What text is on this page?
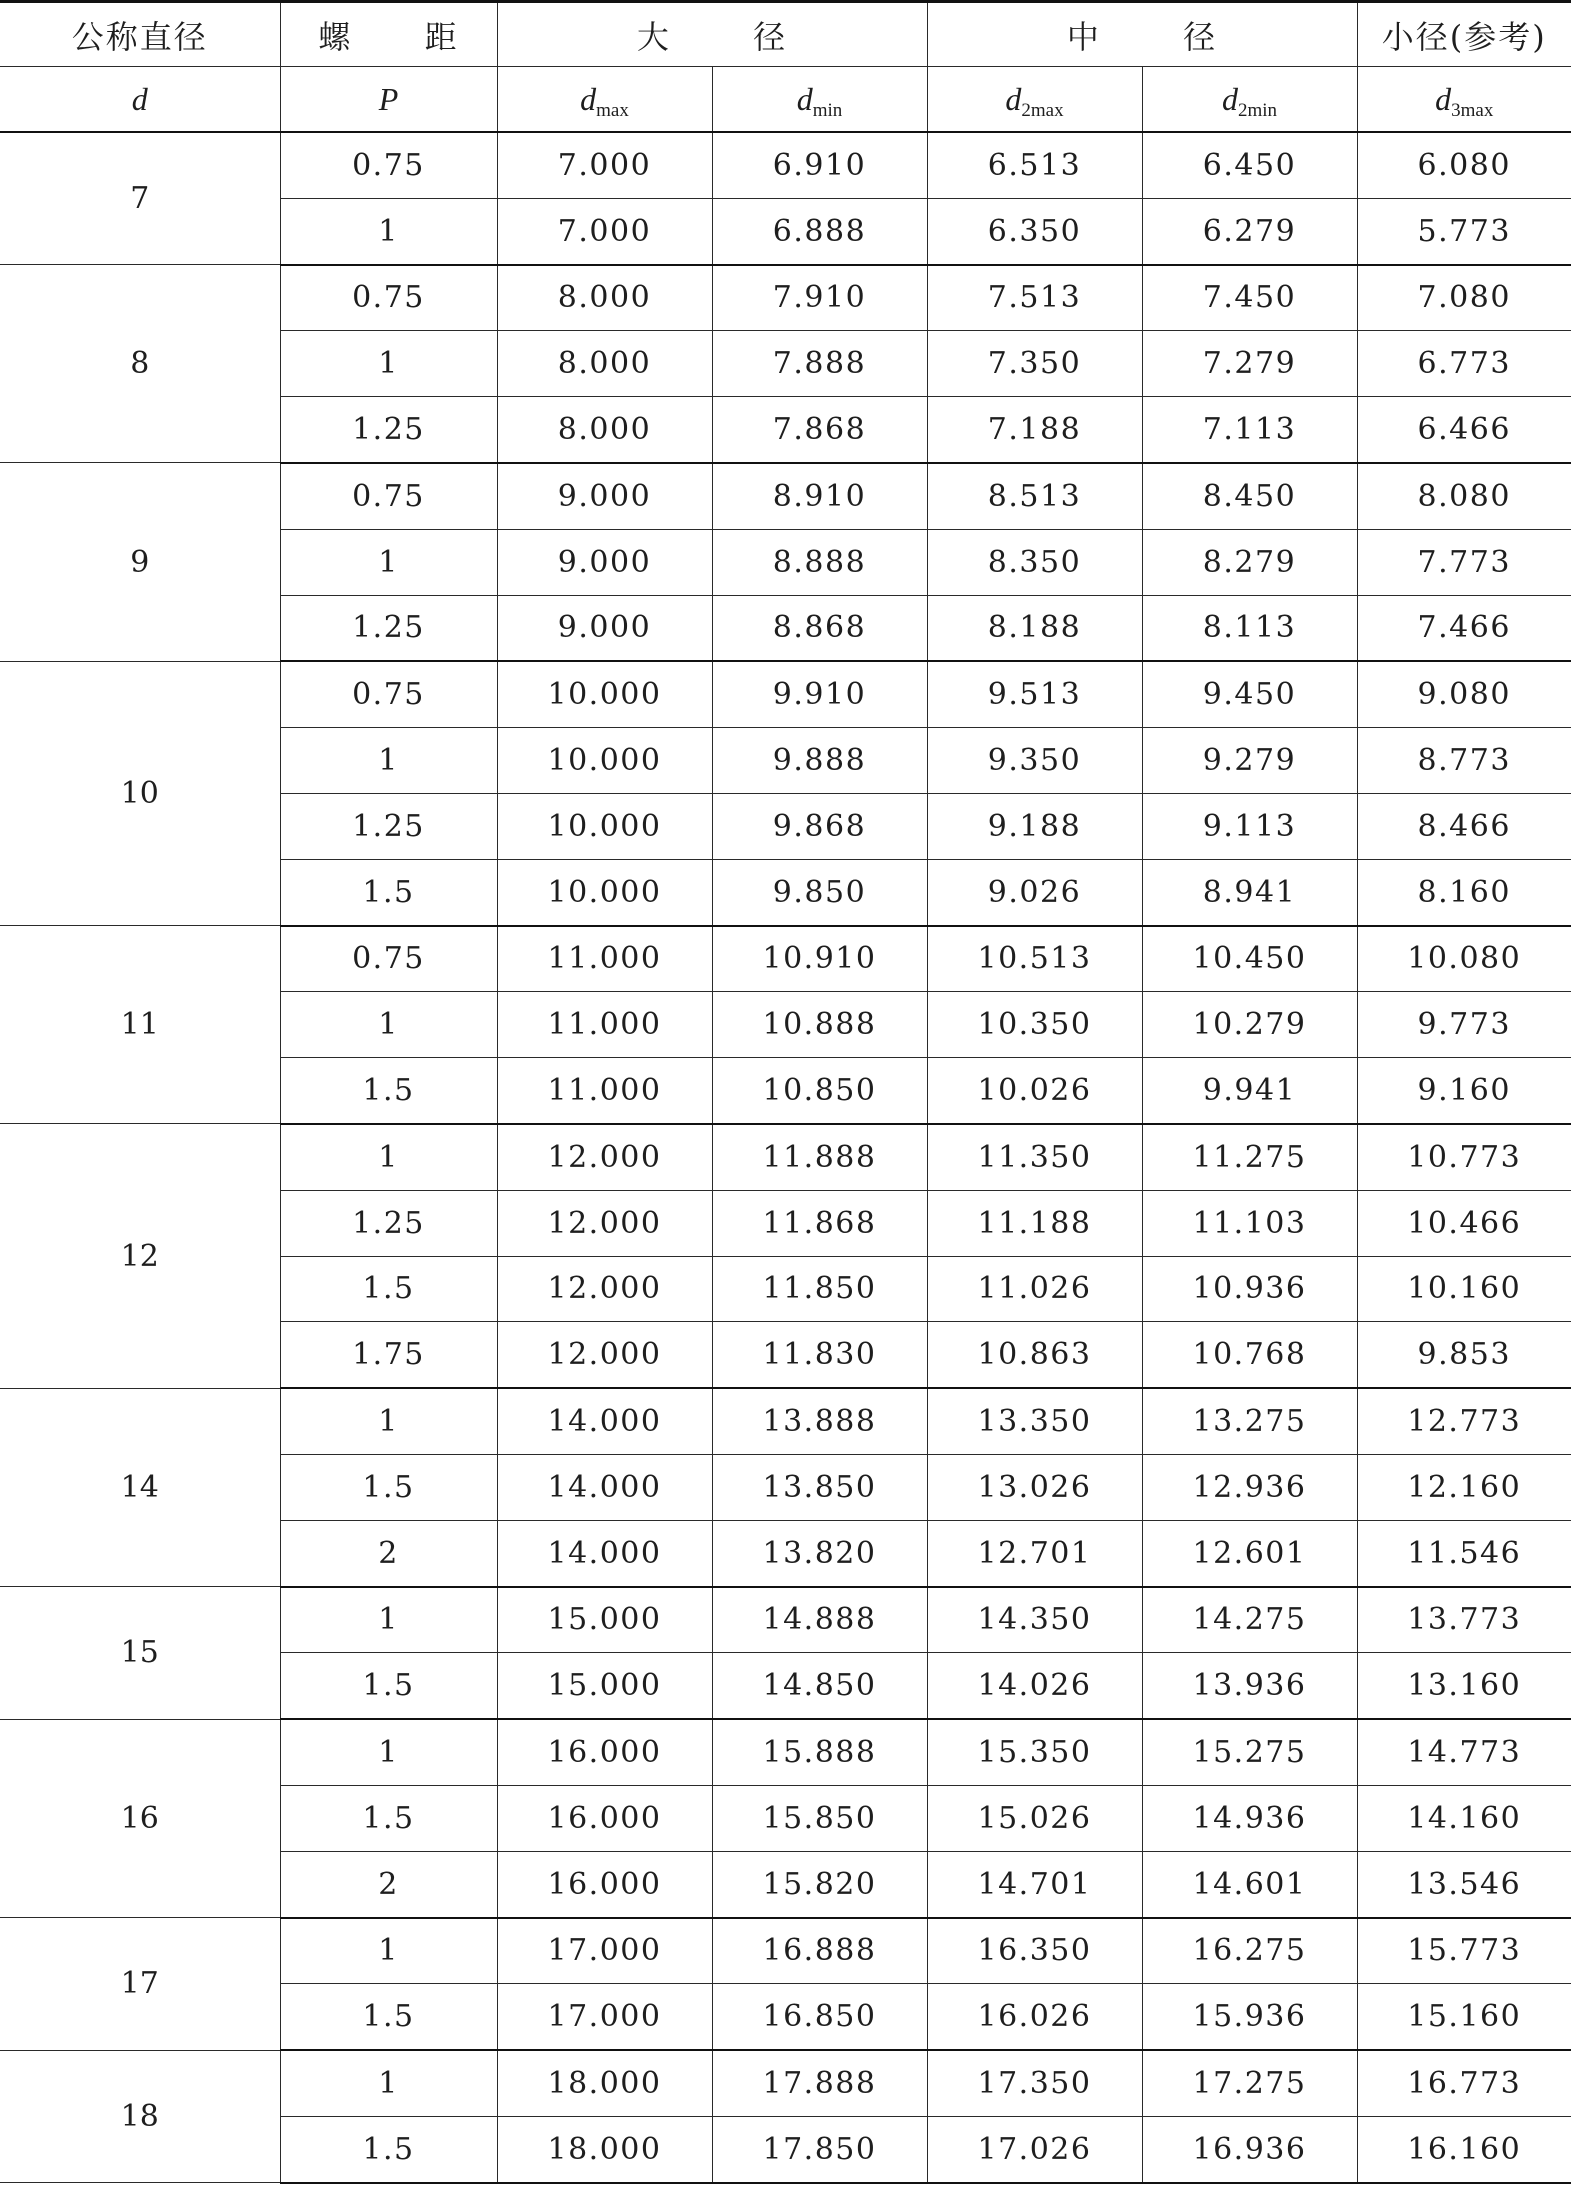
公称直径	螺 距	大 径		中 径		小径(参考)
d	P	$d_{max}$	$d_{min}$	$d_{2max}$	$d_{2min}$	$d_{3max}$
7	0.75	7.000	6.910	6.513	6.450	6.080
	1	7.000	6.888	6.350	6.279	5.773
8	0.75	8.000	7.910	7.513	7.450	7.080
	1	8.000	7.888	7.350	7.279	6.773
	1.25	8.000	7.868	7.188	7.113	6.466
9	0.75	9.000	8.910	8.513	8.450	8.080
	1	9.000	8.888	8.350	8.279	7.773
	1.25	9.000	8.868	8.188	8.113	7.466
10	0.75	10.000	9.910	9.513	9.450	9.080
	1	10.000	9.888	9.350	9.279	8.773
	1.25	10.000	9.868	9.188	9.113	8.466
	1.5	10.000	9.850	9.026	8.941	8.160
11	0.75	11.000	10.910	10.513	10.450	10.080
	1	11.000	10.888	10.350	10.279	9.773
	1.5	11.000	10.850	10.026	9.941	9.160
12	1	12.000	11.888	11.350	11.275	10.773
	1.25	12.000	11.868	11.188	11.103	10.466
	1.5	12.000	11.850	11.026	10.936	10.160
	1.75	12.000	11.830	10.863	10.768	9.853
14	1	14.000	13.888	13.350	13.275	12.773
	1.5	14.000	13.850	13.026	12.936	12.160
	2	14.000	13.820	12.701	12.601	11.546
15	1	15.000	14.888	14.350	14.275	13.773
	1.5	15.000	14.850	14.026	13.936	13.160
16	1	16.000	15.888	15.350	15.275	14.773
	1.5	16.000	15.850	15.026	14.936	14.160
	2	16.000	15.820	14.701	14.601	13.546
17	1	17.000	16.888	16.350	16.275	15.773
	1.5	17.000	16.850	16.026	15.936	15.160
18	1	18.000	17.888	17.350	17.275	16.773
	1.5	18.000	17.850	17.026	16.936	16.160
